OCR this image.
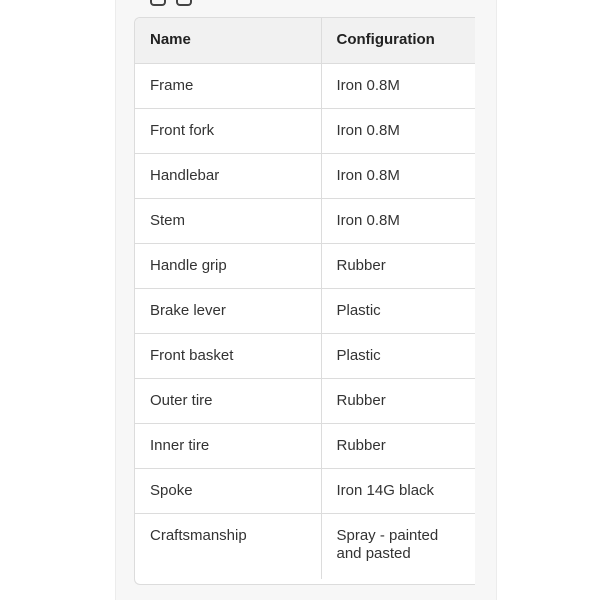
Name	Configuration
Frame	Iron 0.8M
Front fork	Iron 0.8M
Handlebar	Iron 0.8M
Stem	Iron 0.8M
Handle grip	Rubber
Brake lever	Plastic
Front basket	Plastic
Outer tire	Rubber
Inner tire	Rubber
Spoke	Iron 14G black
Craftsmanship	Spray - painted and pasted
